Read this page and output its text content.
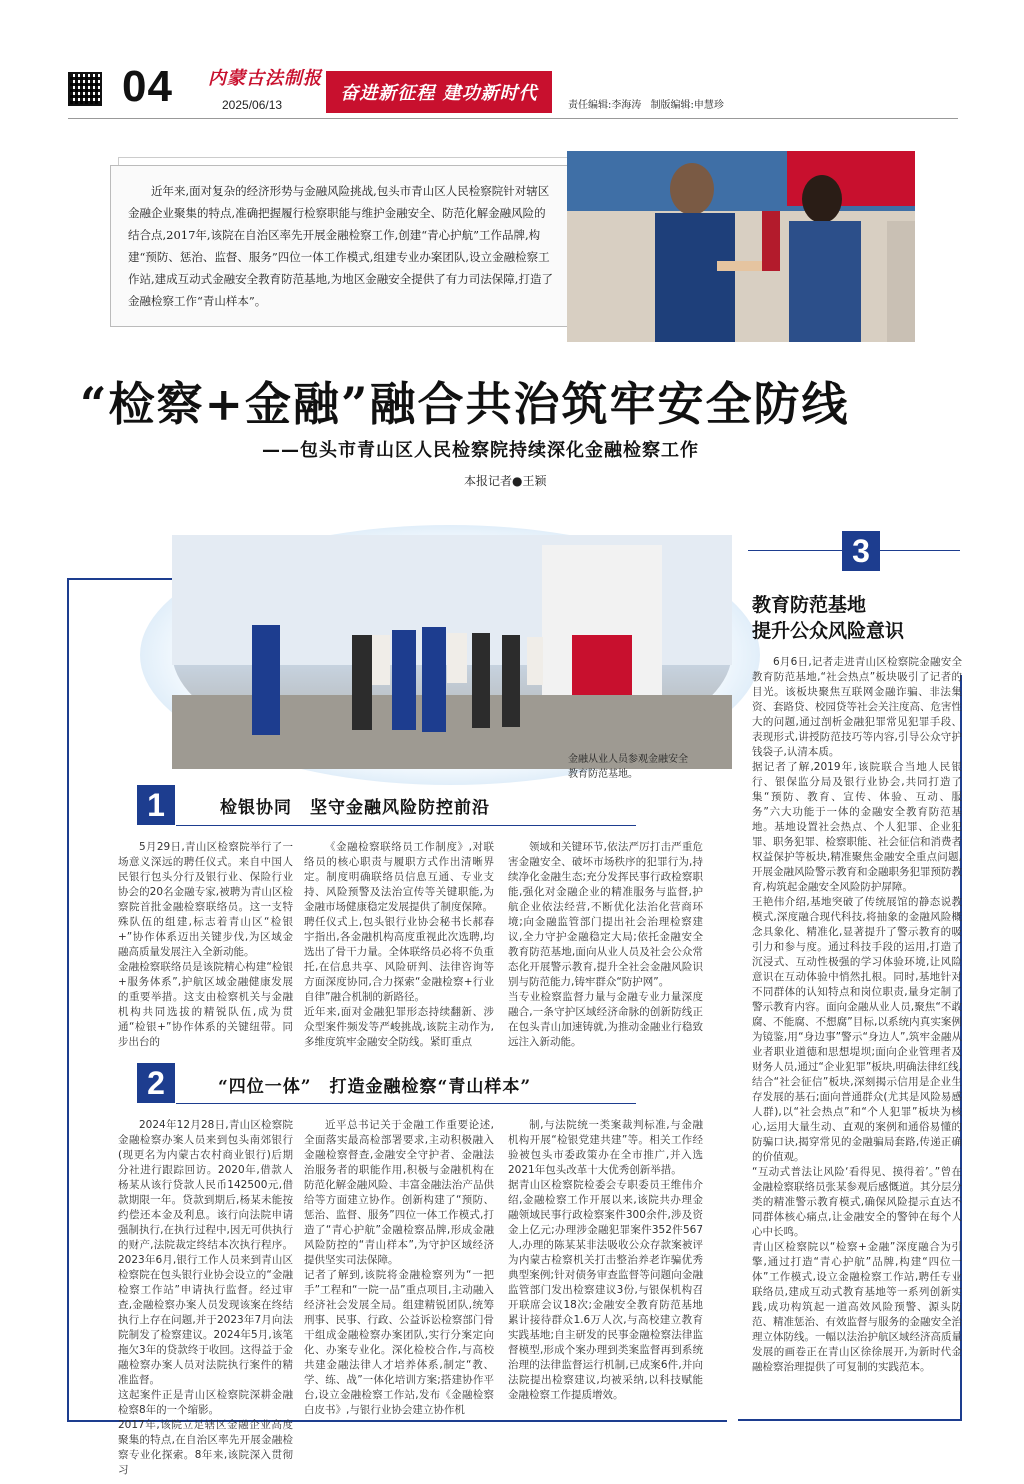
04 内蒙古法制报
2025/06/13
奋进新征程 建功新时代
责任编辑:李海涛 制版编辑:申慧珍
近年来,面对复杂的经济形势与金融风险挑战,包头市青山区人民检察院针对辖区金融企业聚集的特点,准确把握履行检察职能与维护金融安全、防范化解金融风险的结合点,2017年,该院在自治区率先开展金融检察工作,创建“青心护航”工作品牌,构建“预防、惩治、监督、服务”四位一体工作模式,组建专业办案团队,设立金融检察工作站,建成互动式金融安全教育防范基地,为地区金融安全提供了有力司法保障,打造了金融检察工作“青山样本”。
“检察+金融”融合共治筑牢安全防线
——包头市青山区人民检察院持续深化金融检察工作
本报记者●王颖
金融从业人员参观金融安全教育防范基地。
1	检银协同　坚守金融风险防控前沿

5月29日,青山区检察院举行了一场意义深远的聘任仪式。来自中国人民银行包头分行及银行业、保险行业协会的20名金融专家,被聘为青山区检察院首批金融检察联络员。这一支特殊队伍的组建,标志着青山区“检银+”协作体系迈出关键步伐,为区域金融高质量发展注入全新动能。
金融检察联络员是该院精心构建“检银+服务体系”,护航区域金融健康发展的重要举措。这支由检察机关与金融机构共同选拔的精锐队伍,成为贯通“检银+”协作体系的关键纽带。同步出台的

《金融检察联络员工作制度》,对联络员的核心职责与履职方式作出清晰界定。制度明确联络员信息互通、专业支持、风险预警及法治宣传等关键职能,为金融市场健康稳定发展提供了制度保障。
聘任仪式上,包头银行业协会秘书长郝春宇指出,各金融机构高度重视此次选聘,均选出了骨干力量。全体联络员必将不负重托,在信息共享、风险研判、法律咨询等方面深度协同,合力探索“金融检察+行业自律”融合机制的新路径。
近年来,面对金融犯罪形态持续翻新、涉众型案件频发等严峻挑战,该院主动作为,多维度筑牢金融安全防线。紧盯重点

领域和关键环节,依法严厉打击严重危害金融安全、破坏市场秩序的犯罪行为,持续净化金融生态;充分发挥民事行政检察职能,强化对金融企业的精准服务与监督,护航企业依法经营,不断优化法治化营商环境;向金融监管部门提出社会治理检察建议,全力守护金融稳定大局;依托金融安全教育防范基地,面向从业人员及社会公众常态化开展警示教育,提升全社会金融风险识别与防范能力,铸牢群众“防护网”。
当专业检察监督力量与金融专业力量深度融合,一条守护区域经济命脉的创新防线正在包头青山加速铸就,为推动金融业行稳致远注入新动能。

2	“四位一体”　打造金融检察“青山样本”

2024年12月28日,青山区检察院金融检察办案人员来到包头南郊银行(现更名为内蒙古农村商业银行)后期分社进行跟踪回访。2020年,借款人杨某从该行贷款人民币142500元,借款期限一年。贷款到期后,杨某未能按约偿还本金及利息。该行向法院申请强制执行,在执行过程中,因无可供执行的财产,法院裁定终结本次执行程序。2023年6月,银行工作人员来到青山区检察院在包头银行业协会设立的“金融检察工作站”申请执行监督。经过审查,金融检察办案人员发现该案在终结执行上存在问题,并于2023年7月向法院制发了检察建议。2024年5月,该笔拖欠3年的贷款终于收回。这得益于金融检察办案人员对法院执行案件的精准监督。
这起案件正是青山区检察院深耕金融检察8年的一个缩影。
2017年,该院立足辖区金融企业高度聚集的特点,在自治区率先开展金融检察专业化探索。8年来,该院深入贯彻习

近平总书记关于金融工作重要论述,全面落实最高检部署要求,主动积极融入金融检察督查,金融安全守护者、金融法治服务者的职能作用,积极与金融机构在防范化解金融风险、丰富金融法治产品供给等方面建立协作。创新构建了“预防、惩治、监督、服务”四位一体工作模式,打造了“青心护航”金融检察品牌,形成金融风险防控的“青山样本”,为守护区域经济提供坚实司法保障。
记者了解到,该院将金融检察列为“一把手”工程和“一院一品”重点项目,主动融入经济社会发展全局。组建精锐团队,统筹刑事、民事、行政、公益诉讼检察部门骨干组成金融检察办案团队,实行分案定向化、办案专业化。深化检校合作,与高校共建金融法律人才培养体系,制定“教、学、练、战”一体化培训方案;搭建协作平台,设立金融检察工作站,发布《金融检察白皮书》,与银行业协会建立协作机

制,与法院统一类案裁判标准,与金融机构开展“检银党建共建”等。相关工作经验被包头市委政策办在全市推广,并入选2021年包头改革十大优秀创新举措。
据青山区检察院检委会专职委员王维伟介绍,金融检察工作开展以来,该院共办理金融领域民事行政检察案件300余件,涉及资金上亿元;办理涉金融犯罪案件352件567人,办理的陈某某非法吸收公众存款案被评为内蒙古检察机关打击整治养老诈骗优秀典型案例;针对债务审查监督等问题向金融监管部门发出检察建议3份,与银保机构召开联席会议18次;金融安全教育防范基地累计接待群众1.6万人次,与高校建立教育实践基地;自主研发的民事金融检察法律监督模型,形成个案办理到类案监督再到系统治理的法律监督运行机制,已成案6件,并向法院提出检察建议,均被采纳,以科技赋能金融检察工作提质增效。

3
教育防范基地
提升公众风险意识

6月6日,记者走进青山区检察院金融安全教育防范基地,“社会热点”板块吸引了记者的目光。该板块聚焦互联网金融诈骗、非法集资、套路贷、校园贷等社会关注度高、危害性大的问题,通过剖析金融犯罪常见犯罪手段、表现形式,讲授防范技巧等内容,引导公众守护钱袋子,认清本质。
据记者了解,2019年,该院联合当地人民银行、银保监分局及银行业协会,共同打造了集“预防、教育、宣传、体验、互动、服务”六大功能于一体的金融安全教育防范基地。基地设置社会热点、个人犯罪、企业犯罪、职务犯罪、检察职能、社会征信和消费者权益保护等板块,精准聚焦金融安全重点问题,开展金融风险警示教育和金融职务犯罪预防教育,构筑起金融安全风险防护屏障。
王艳伟介绍,基地突破了传统展馆的静态说教模式,深度融合现代科技,将抽象的金融风险概念具象化、精准化,显著提升了警示教育的吸引力和参与度。通过科技手段的运用,打造了沉浸式、互动性极强的学习体验环境,让风险意识在互动体验中悄然扎根。同时,基地针对不同群体的认知特点和岗位职责,量身定制了警示教育内容。面向金融从业人员,聚焦“不敢腐、不能腐、不想腐”目标,以系统内真实案例为镜鉴,用“身边事”警示“身边人”,筑牢金融从业者职业道德和思想堤坝;面向企业管理者及财务人员,通过“企业犯罪”板块,明确法律红线,结合“社会征信”板块,深刻揭示信用是企业生存发展的基石;面向普通群众(尤其是风险易感人群),以“社会热点”和“个人犯罪”板块为核心,运用大量生动、直观的案例和通俗易懂的防骗口诀,揭穿常见的金融骗局套路,传递正确的价值观。
“互动式普法让风险‘看得见、摸得着’。”曾在金融检察联络员张某参观后感慨道。其分层分类的精准警示教育模式,确保风险提示直达不同群体核心痛点,让金融安全的警钟在每个人心中长鸣。
青山区检察院以“检察+金融”深度融合为引擎,通过打造“青心护航”品牌,构建“四位一体”工作模式,设立金融检察工作站,聘任专业联络员,建成互动式教育基地等一系列创新实践,成功构筑起一道高效风险预警、源头防范、精准惩治、有效监督与服务的金融安全治理立体防线。一幅以法治护航区域经济高质量发展的画卷正在青山区徐徐展开,为新时代金融检察治理提供了可复制的实践范本。
